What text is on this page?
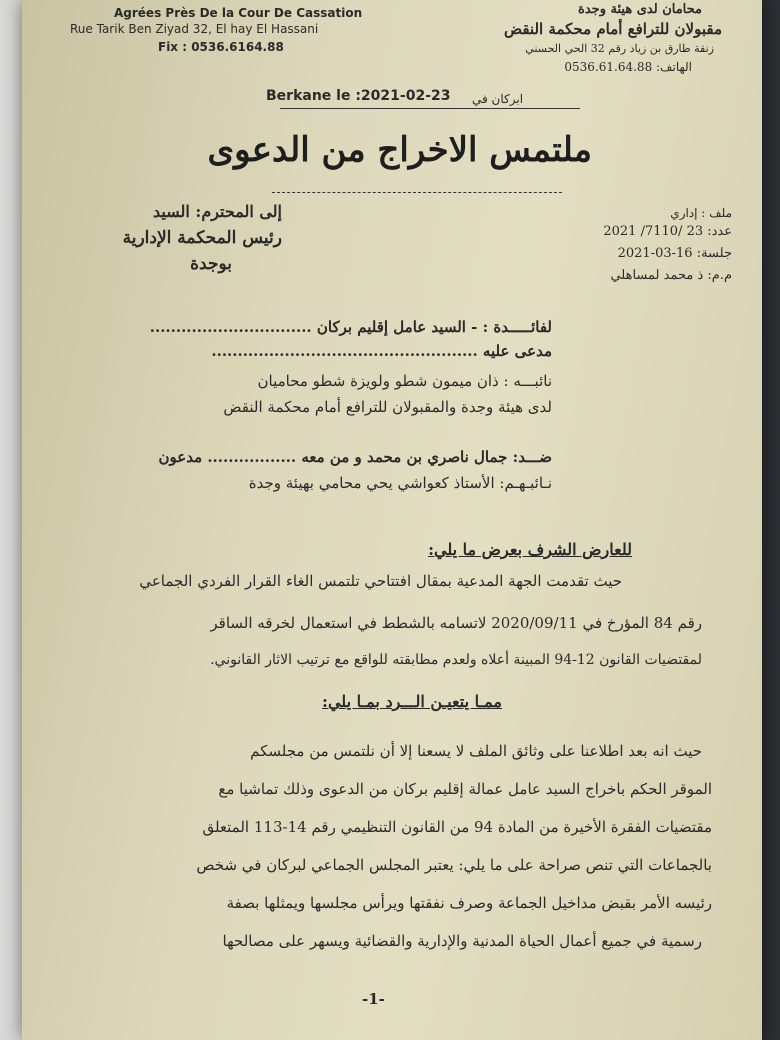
Agrées Près De la Cour De Cassation
Rue Tarik Ben Ziyad 32, El hay El Hassani
Fix : 0536.6164.88
محامان لدى هيئة وجدة
مقبولان للترافع أمام محكمة النقض
زنقة طارق بن زياد رقم 32 الحي الحسني
الهاتف: 0536.61.64.88
Berkane le :2021-02-23 ابركان في
ملتمس الاخراج من الدعوى
إلى المحترم: السيد
رئيس المحكمة الإدارية
بوجدة
ملف : إداري
عدد: 23 /7110/ 2021
جلسة: 16-03-2021
م.م: ذ محمد لمساهلي
لفائـــــدة : - السيد عامل إقليم بركان ...............................
مدعى عليه ...................................................
نائبـــه : ذان ميمون شطو ولويزة شطو محاميان
لدى هيئة وجدة والمقبولان للترافع أمام محكمة النقض
ضـــد: جمال ناصري بن محمد و من معه ................. مدعون
نـائبـهـم: الأستاذ كعواشي يحي محامي بهيئة وجدة
للعارض الشرف بعرض ما يلي:
حيث تقدمت الجهة المدعية بمقال افتتاحي تلتمس الغاء القرار الفردي الجماعي
رقم 84 المؤرخ في 2020/09/11 لاتسامه بالشطط في استعمال لخرقه الساقر
لمقتضيات القانون 12-94 المبينة أعلاه ولعدم مطابقته للواقع مع ترتيب الاثار القانوني.
ممـا يتعيـن الـــرد بمـا يلي:
حيث انه بعد اطلاعنا على وثائق الملف لا يسعنا إلا أن نلتمس من مجلسكم
الموقر الحكم باخراج السيد عامل عمالة إقليم بركان من الدعوى وذلك تماشيا مع
مقتضيات الفقرة الأخيرة من المادة 94 من القانون التنظيمي رقم 14-113 المتعلق
بالجماعات التي تنص صراحة على ما يلي: يعتبر المجلس الجماعي لبركان في شخص
رئيسه الأمر بقبض مداخيل الجماعة وصرف نفقتها ويرأس مجلسها ويمثلها بصفة
رسمية في جميع أعمال الحياة المدنية والإدارية والقضائية ويسهر على مصالحها
-1-
